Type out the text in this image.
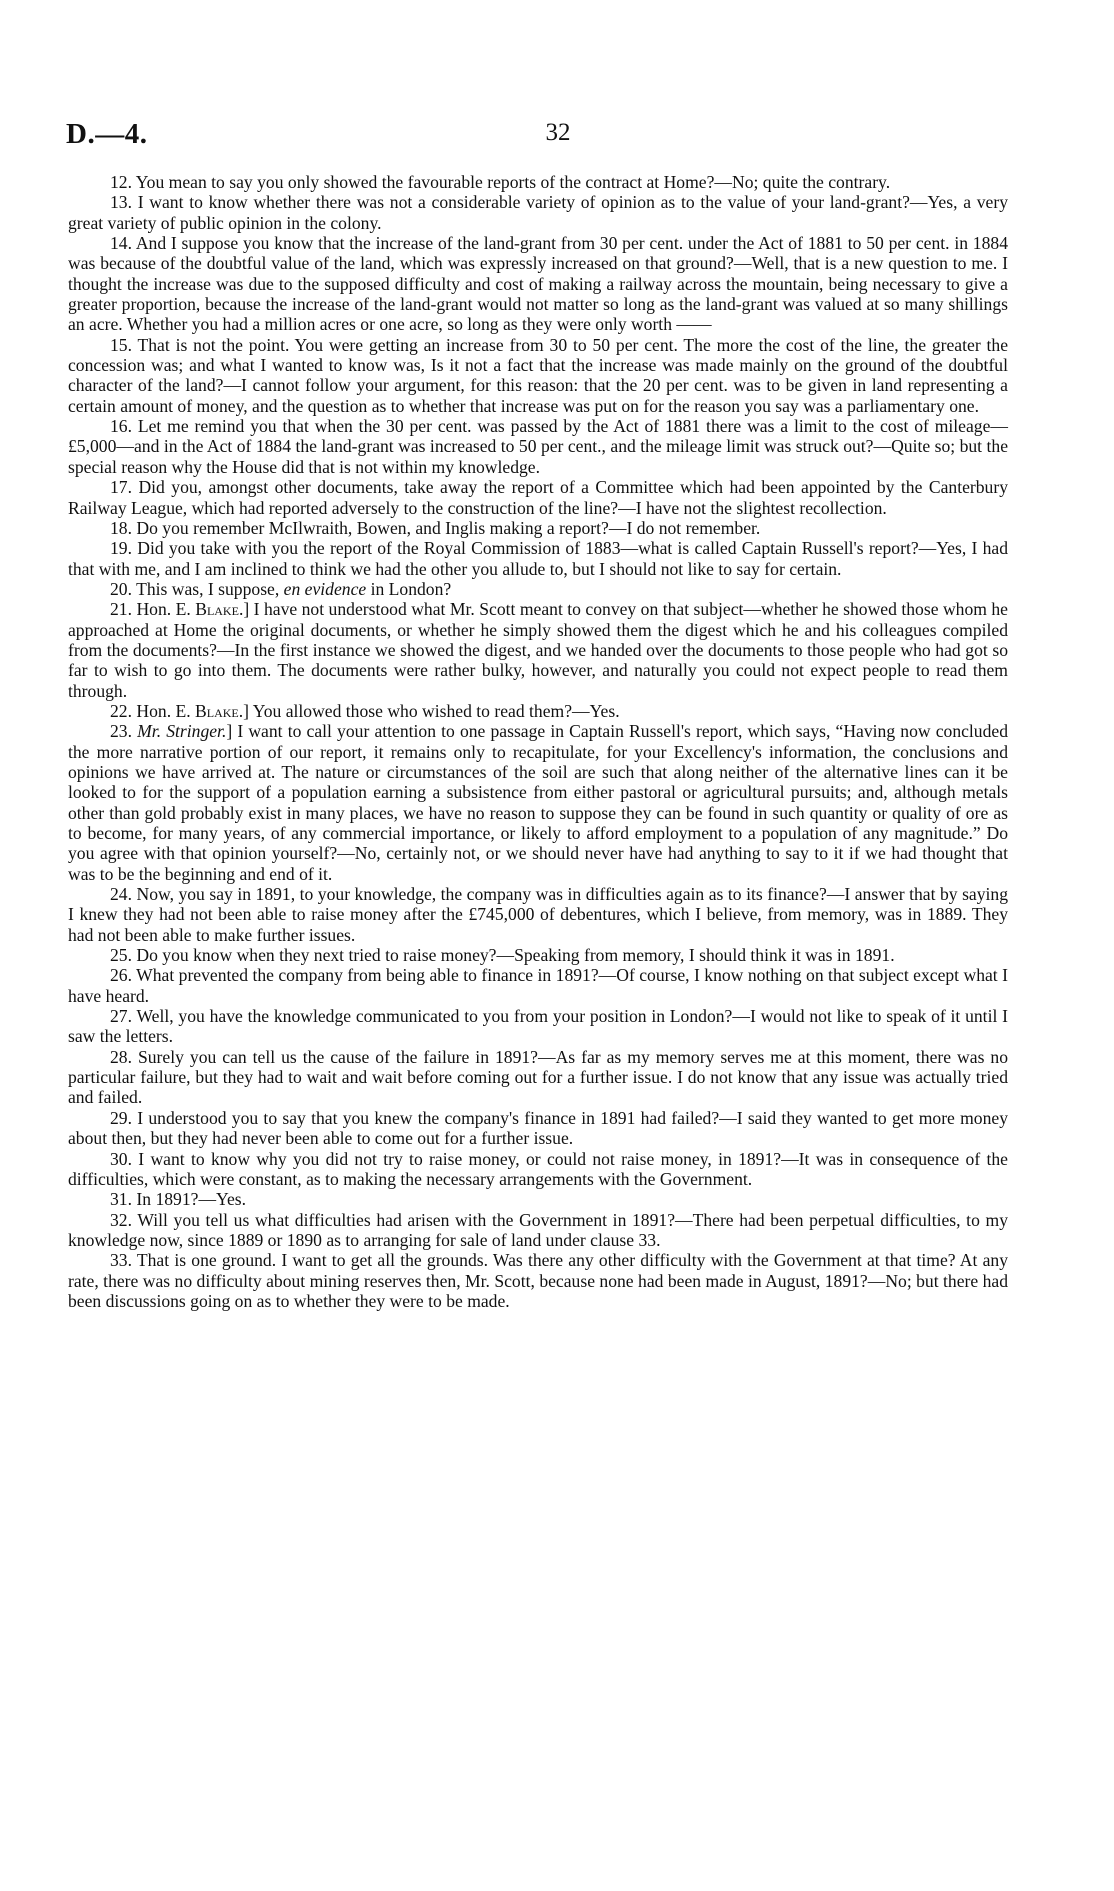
D.—4.	32

12. You mean to say you only showed the favourable reports of the contract at Home?—No; quite the contrary.

13. I want to know whether there was not a considerable variety of opinion as to the value of your land-grant?—Yes, a very great variety of public opinion in the colony.

14. And I suppose you know that the increase of the land-grant from 30 per cent. under the Act of 1881 to 50 per cent. in 1884 was because of the doubtful value of the land, which was expressly increased on that ground?—Well, that is a new question to me. I thought the increase was due to the supposed difficulty and cost of making a railway across the mountain, being necessary to give a greater proportion, because the increase of the land-grant would not matter so long as the land-grant was valued at so many shillings an acre. Whether you had a million acres or one acre, so long as they were only worth ——

15. That is not the point. You were getting an increase from 30 to 50 per cent. The more the cost of the line, the greater the concession was; and what I wanted to know was, Is it not a fact that the increase was made mainly on the ground of the doubtful character of the land?—I cannot follow your argument, for this reason: that the 20 per cent. was to be given in land representing a certain amount of money, and the question as to whether that increase was put on for the reason you say was a parliamentary one.

16. Let me remind you that when the 30 per cent. was passed by the Act of 1881 there was a limit to the cost of mileage—£5,000—and in the Act of 1884 the land-grant was increased to 50 per cent., and the mileage limit was struck out?—Quite so; but the special reason why the House did that is not within my knowledge.

17. Did you, amongst other documents, take away the report of a Committee which had been appointed by the Canterbury Railway League, which had reported adversely to the construction of the line?—I have not the slightest recollection.

18. Do you remember McIlwraith, Bowen, and Inglis making a report?—I do not remember.

19. Did you take with you the report of the Royal Commission of 1883—what is called Captain Russell's report?—Yes, I had that with me, and I am inclined to think we had the other you allude to, but I should not like to say for certain.

20. This was, I suppose, en evidence in London?

21. Hon. E. Blake.] I have not understood what Mr. Scott meant to convey on that subject—whether he showed those whom he approached at Home the original documents, or whether he simply showed them the digest which he and his colleagues compiled from the documents?—In the first instance we showed the digest, and we handed over the documents to those people who had got so far to wish to go into them. The documents were rather bulky, however, and naturally you could not expect people to read them through.

22. Hon. E. Blake.] You allowed those who wished to read them?—Yes.

23. Mr. Stringer.] I want to call your attention to one passage in Captain Russell's report, which says, “Having now concluded the more narrative portion of our report, it remains only to recapitulate, for your Excellency's information, the conclusions and opinions we have arrived at. The nature or circumstances of the soil are such that along neither of the alternative lines can it be looked to for the support of a population earning a subsistence from either pastoral or agricultural pursuits; and, although metals other than gold probably exist in many places, we have no reason to suppose they can be found in such quantity or quality of ore as to become, for many years, of any commercial importance, or likely to afford employment to a population of any magnitude.” Do you agree with that opinion yourself?—No, certainly not, or we should never have had anything to say to it if we had thought that was to be the beginning and end of it.

24. Now, you say in 1891, to your knowledge, the company was in difficulties again as to its finance?—I answer that by saying I knew they had not been able to raise money after the £745,000 of debentures, which I believe, from memory, was in 1889. They had not been able to make further issues.

25. Do you know when they next tried to raise money?—Speaking from memory, I should think it was in 1891.

26. What prevented the company from being able to finance in 1891?—Of course, I know nothing on that subject except what I have heard.

27. Well, you have the knowledge communicated to you from your position in London?—I would not like to speak of it until I saw the letters.

28. Surely you can tell us the cause of the failure in 1891?—As far as my memory serves me at this moment, there was no particular failure, but they had to wait and wait before coming out for a further issue. I do not know that any issue was actually tried and failed.

29. I understood you to say that you knew the company's finance in 1891 had failed?—I said they wanted to get more money about then, but they had never been able to come out for a further issue.

30. I want to know why you did not try to raise money, or could not raise money, in 1891?—It was in consequence of the difficulties, which were constant, as to making the necessary arrangements with the Government.

31. In 1891?—Yes.

32. Will you tell us what difficulties had arisen with the Government in 1891?—There had been perpetual difficulties, to my knowledge now, since 1889 or 1890 as to arranging for sale of land under clause 33.

33. That is one ground. I want to get all the grounds. Was there any other difficulty with the Government at that time? At any rate, there was no difficulty about mining reserves then, Mr. Scott, because none had been made in August, 1891?—No; but there had been discussions going on as to whether they were to be made.
